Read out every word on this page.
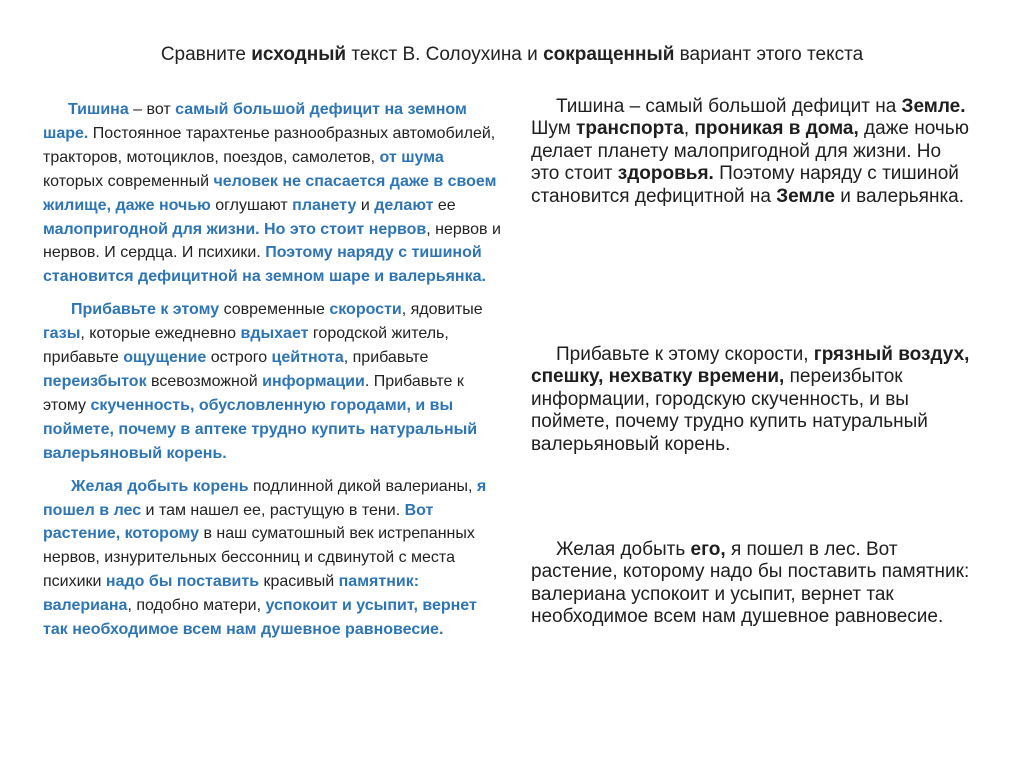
Сравните исходный текст В. Солоухина и сокращенный вариант этого текста

Тишина – вот самый большой дефицит на земном шаре. Постоянное тарахтенье разнообразных автомобилей, тракторов, мотоциклов, поездов, самолетов, от шума которых современный человек не спасается даже в своем жилище, даже ночью оглушают планету и делают ее малопригодной для жизни. Но это стоит нервов, нервов и нервов. И сердца. И психики. Поэтому наряду с тишиной становится дефицитной на земном шаре и валерьянка.

Прибавьте к этому современные скорости, ядовитые газы, которые ежедневно вдыхает городской житель, прибавьте ощущение острого цейтнота, прибавьте переизбыток всевозможной информации. Прибавьте к этому скученность, обусловленную городами, и вы поймете, почему в аптеке трудно купить натуральный валерьяновый корень.

Желая добыть корень подлинной дикой валерианы, я пошел в лес и там нашел ее, растущую в тени. Вот растение, которому в наш суматошный век истрепанных нервов, изнурительных бессонниц и сдвинутой с места психики надо бы поставить красивый памятник: валериана, подобно матери, успокоит и усыпит, вернет так необходимое всем нам душевное равновесие.

Тишина – самый большой дефицит на Земле. Шум транспорта, проникая в дома, даже ночью делает планету малопригодной для жизни. Но это стоит здоровья. Поэтому наряду с тишиной становится дефицитной на Земле и валерьянка.

Прибавьте к этому скорости, грязный воздух, спешку, нехватку времени, переизбыток информации, городскую скученность, и вы поймете, почему трудно купить натуральный валерьяновый корень.

Желая добыть его, я пошел в лес. Вот растение, которому надо бы поставить памятник: валериана успокоит и усыпит, вернет так необходимое всем нам душевное равновесие.
